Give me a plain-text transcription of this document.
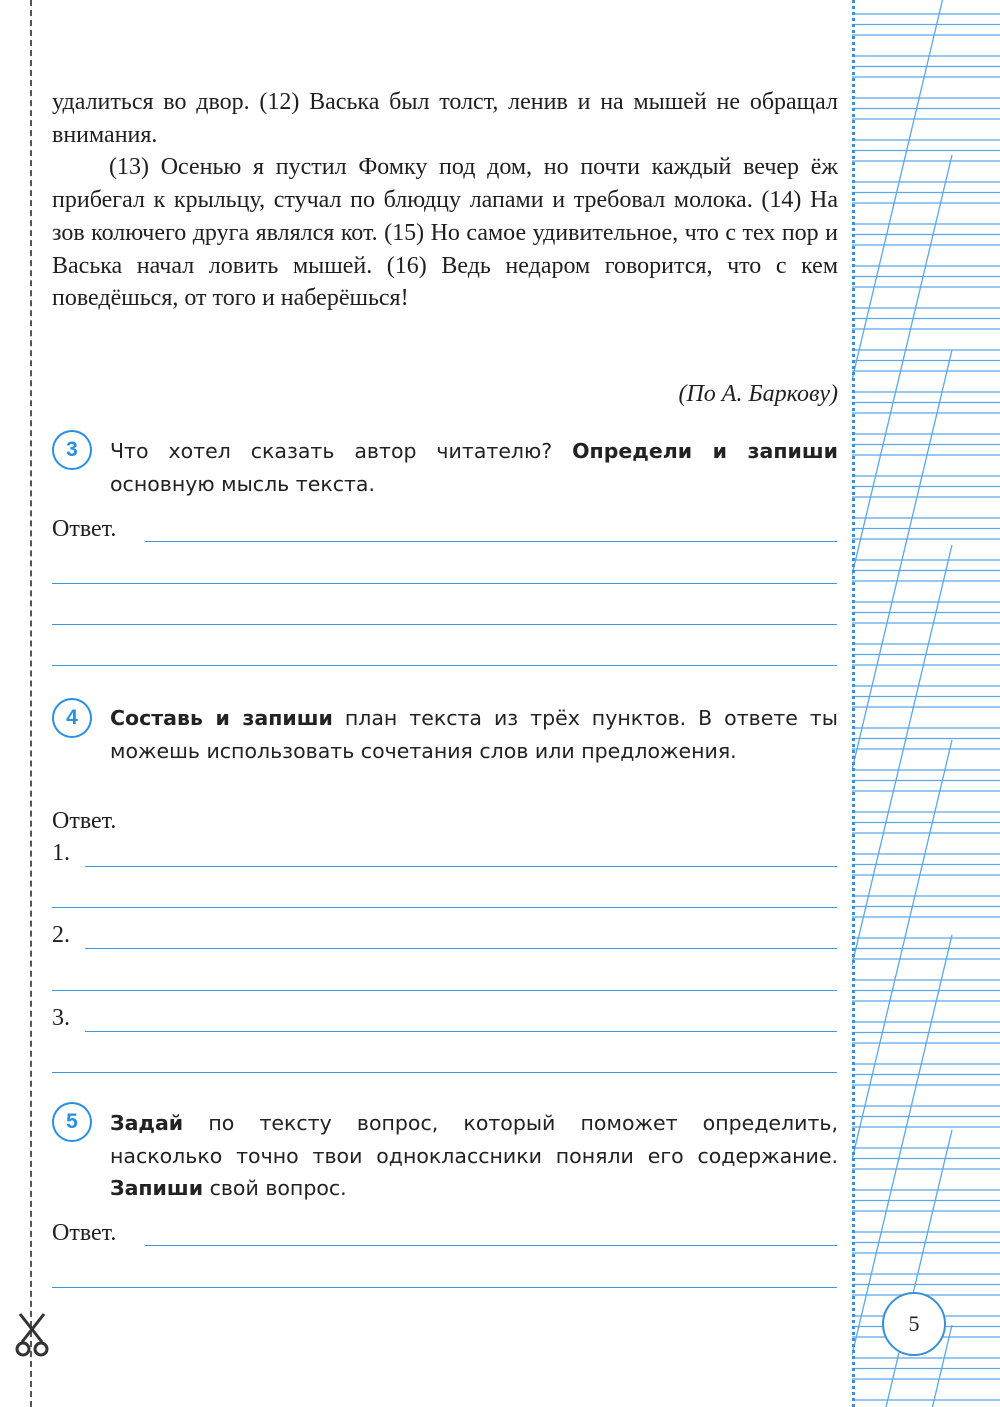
удалиться во двор. (12) Васька был толст, ленив и на мышей не обращал внимания.

(13) Осенью я пустил Фомку под дом, но почти каждый вечер ёж прибегал к крыльцу, стучал по блюдцу лапами и требовал молока. (14) На зов колючего друга являлся кот. (15) Но самое удивительное, что с тех пор и Васька начал ловить мышей. (16) Ведь недаром говорится, что с кем поведёшься, от того и наберёшься!

(По А. Баркову)
3	Что хотел сказать автор читателю? Определи и запиши основную мысль текста.

Ответ.
4	Составь и запиши план текста из трёх пунктов. В ответе ты можешь использовать сочетания слов или предложения.

Ответ.
1.
2.
3.
5	Задай по тексту вопрос, который поможет определить, насколько точно твои одноклассники поняли его содержание. Запиши свой вопрос.

Ответ.
5
